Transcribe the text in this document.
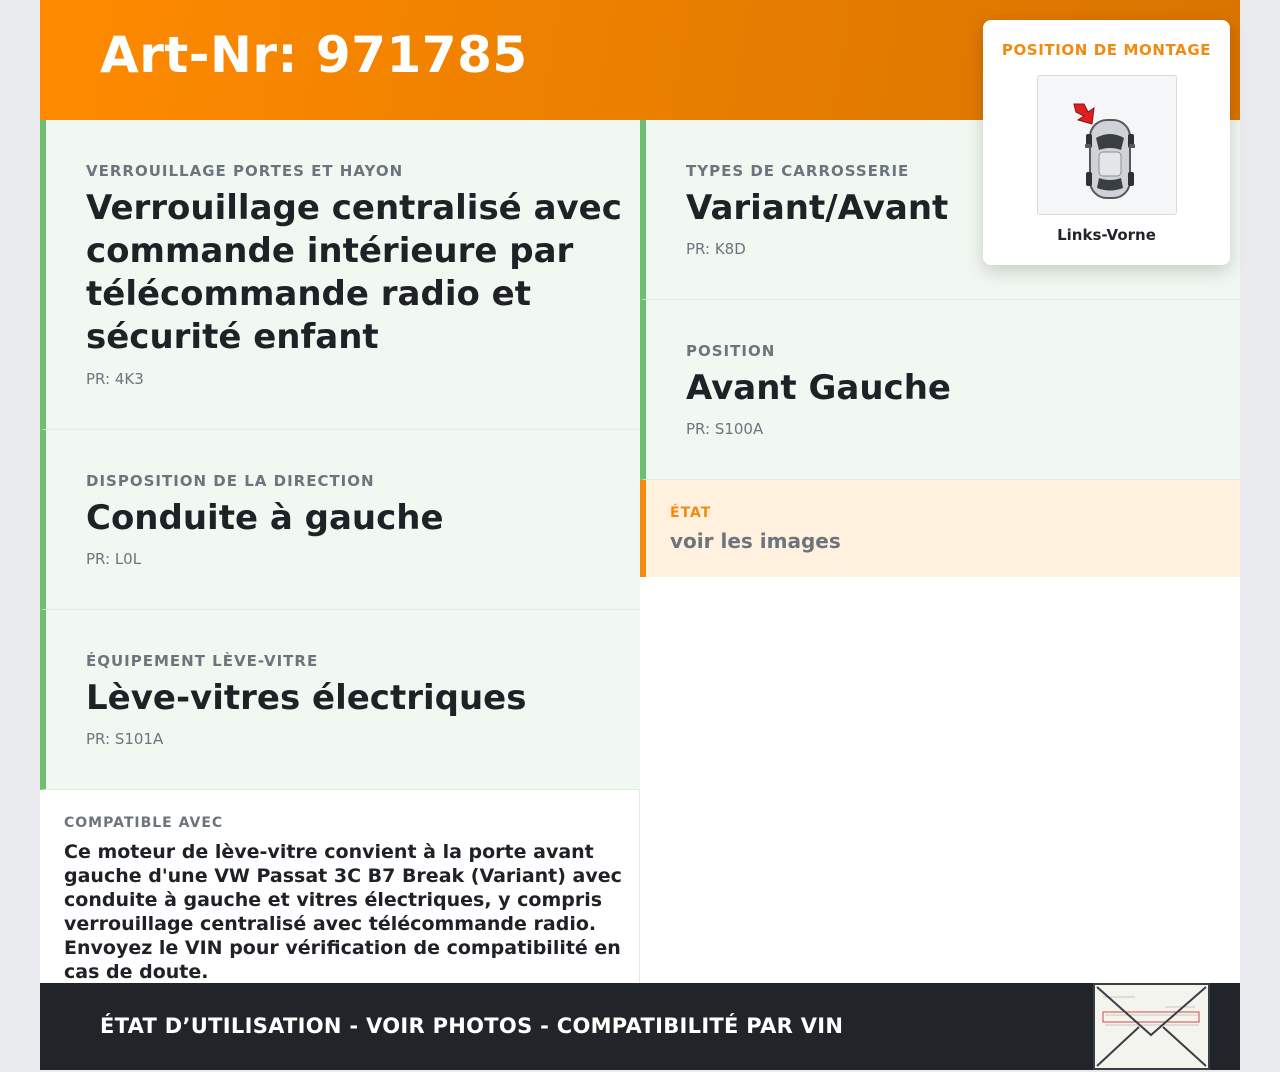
Art-Nr: 971785
VERROUILLAGE PORTES ET HAYON
Verrouillage centralisé avec commande intérieure par télécommande radio et sécurité enfant
PR: 4K3
DISPOSITION DE LA DIRECTION
Conduite à gauche
PR: L0L
ÉQUIPEMENT LÈVE-VITRE
Lève-vitres électriques
PR: S101A
COMPATIBLE AVEC
Ce moteur de lève-vitre convient à la porte avant gauche d'une VW Passat 3C B7 Break (Variant) avec conduite à gauche et vitres électriques, y compris verrouillage centralisé avec télécommande radio. Envoyez le VIN pour vérification de compatibilité en cas de doute.
TYPES DE CARROSSERIE
Variant/Avant
PR: K8D
POSITION
Avant Gauche
PR: S100A
ÉTAT
voir les images
POSITION DE MONTAGE
Links-Vorne
ÉTAT D’UTILISATION - VOIR PHOTOS - COMPATIBILITÉ PAR VIN
